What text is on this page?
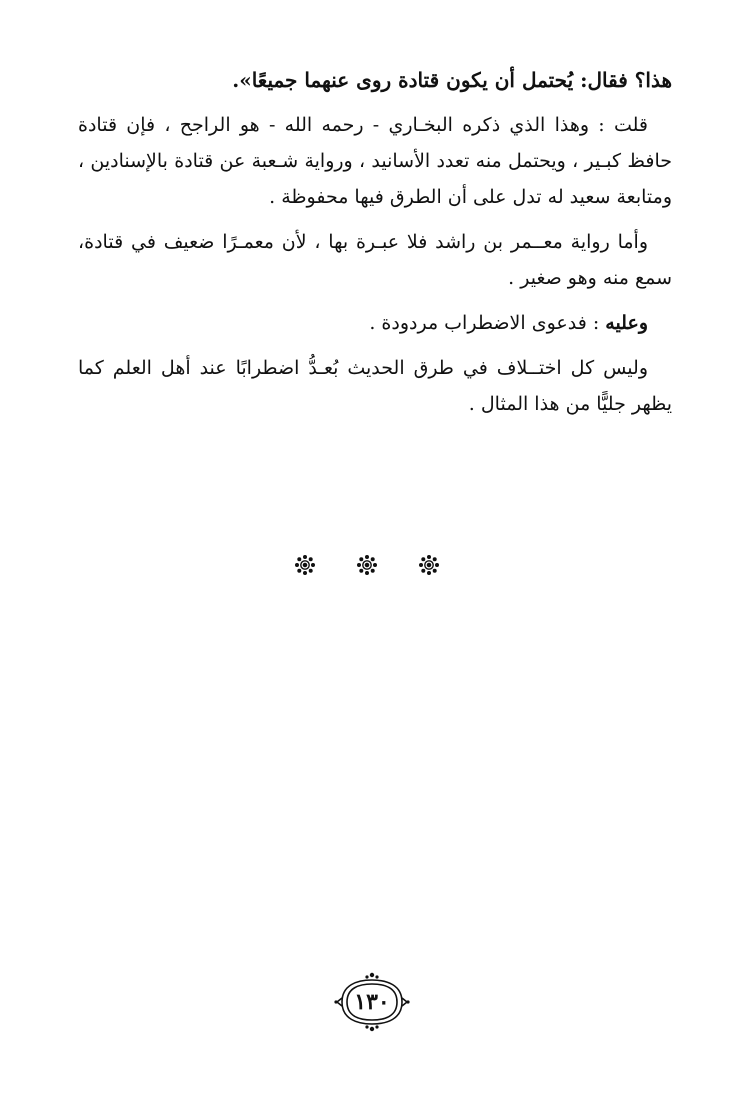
هذا؟ فقال: يُحتمل أن يكون قتادة روى عنهما جميعًا».

قلت : وهذا الذي ذكره البخـاري - رحمه الله - هو الراجح ، فإن قتادة حافظ كبـير ، ويحتمل منه تعدد الأسانيد ، ورواية شـعبة عن قتادة بالإسنادين ، ومتابعة سعيد له تدل على أن الطرق فيها محفوظة .

وأما رواية معــمر بن راشد فلا عبـرة بها ، لأن معمـرًا ضعيف في قتادة، سمع منه وهو صغير .

وعليه : فدعوى الاضطراب مردودة .

وليس كل اختــلاف في طرق الحديث بُعـدُّ اضطرابًا عند أهل العلم كما يظهر جليًّا من هذا المثال .

١٣٠
